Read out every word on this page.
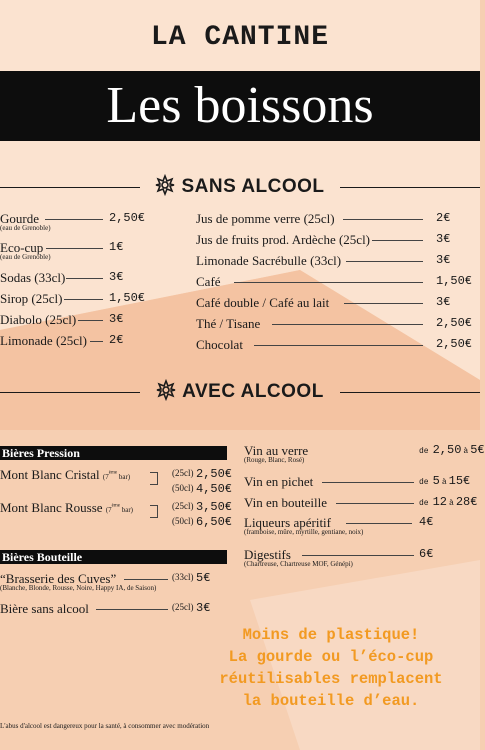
LA CANTINE
Les boissons
SANS ALCOOL
Gourde
(eau de Grenoble)
2,50€
Eco-cup
(eau de Grenoble)
1€
Sodas (33cl)	3€
Sirop (25cl)	1,50€
Diabolo (25cl)	3€
Limonade (25cl) 2€
Jus de pomme verre (25cl)	2€
Jus de fruits prod. Ardèche (25cl)	3€
Limonade Sacrébulle (33cl)	3€
Café	1,50€
Café double / Café au lait	3€
Thé / Tisane	2,50€
Chocolat	2,50€
AVEC ALCOOL
Bières Pression
Mont Blanc Cristal (7ème bar)	(25cl) 2,50€
(50cl) 4,50€
Mont Blanc Rousse (7ème bar)	(25cl) 3,50€
(50cl) 6,50€
Bières Bouteille
“Brasserie des Cuves”
(Blanche, Blonde, Rousse, Noire, Happy IA, de Saison)
(33cl) 5€
Bière sans alcool	(25cl) 3€
Vin au verre
(Rouge, Blanc, Rosé)
de 2,50 à 5€
Vin en pichet	de 5 à 15€
Vin en bouteille	de 12 à 28€
Liqueurs apéritif
(framboise, mûre, myrtille, gentiane, noix)
4€
Digestifs
(Chartreuse, Chartreuse MOF, Génépi)
6€
Moins de plastique!
La gourde ou l’éco-cup
réutilisables remplacent
la bouteille d’eau.
L'abus d'alcool est dangereux pour la santé, à consommer avec modération
